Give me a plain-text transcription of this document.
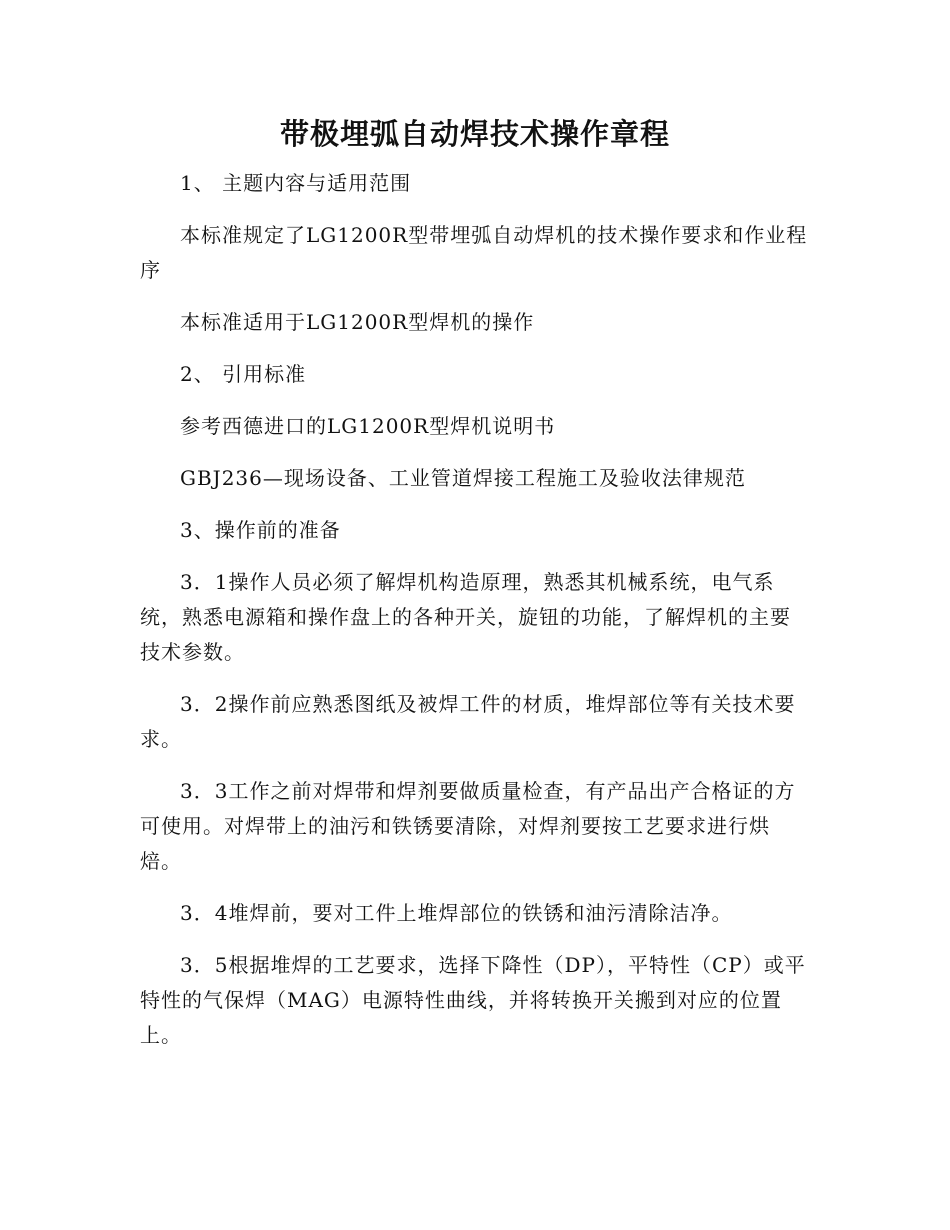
带极埋弧自动焊技术操作章程

1、 主题内容与适用范围

本标准规定了LG1200R型带埋弧自动焊机的技术操作要求和作业程序

本标准适用于LG1200R型焊机的操作

2、 引用标准

参考西德进口的LG1200R型焊机说明书

GBJ236—现场设备、工业管道焊接工程施工及验收法律规范

3、操作前的准备

3．1操作人员必须了解焊机构造原理，熟悉其机械系统，电气系统，熟悉电源箱和操作盘上的各种开关，旋钮的功能，了解焊机的主要技术参数。

3．2操作前应熟悉图纸及被焊工件的材质，堆焊部位等有关技术要求。

3．3工作之前对焊带和焊剂要做质量检查，有产品出产合格证的方可使用。对焊带上的油污和铁锈要清除，对焊剂要按工艺要求进行烘焙。

3．4堆焊前，要对工件上堆焊部位的铁锈和油污清除洁净。

3．5根据堆焊的工艺要求，选择下降性（DP），平特性（CP）或平特性的气保焊（MAG）电源特性曲线，并将转换开关搬到对应的位置上。
